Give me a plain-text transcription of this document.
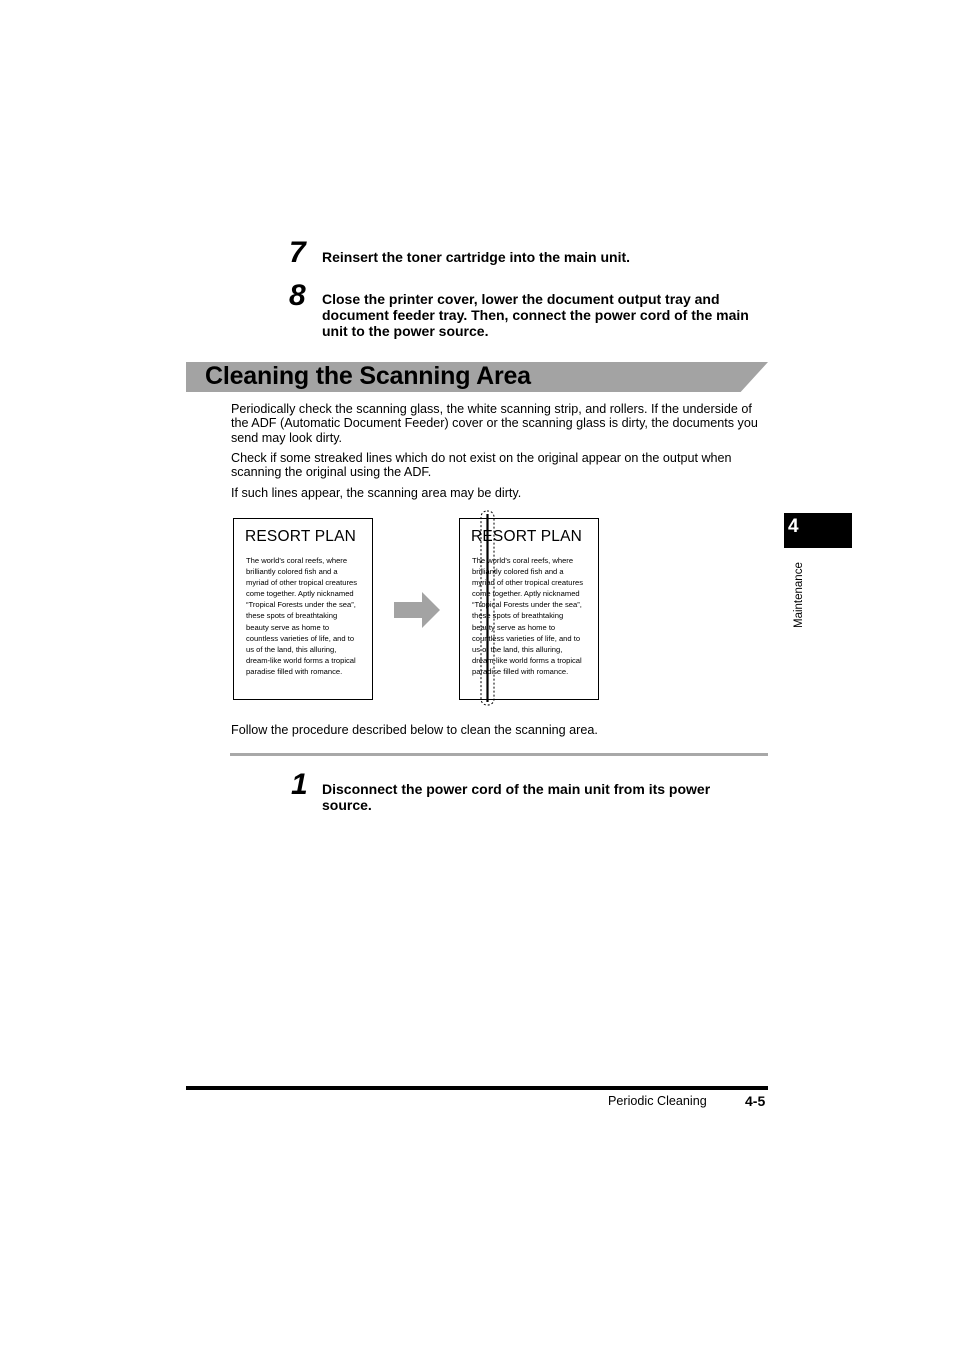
7 Reinsert the toner cartridge into the main unit.
8 Close the printer cover, lower the document output tray and document feeder tray. Then, connect the power cord of the main unit to the power source.
Cleaning the Scanning Area
Periodically check the scanning glass, the white scanning strip, and rollers. If the underside of the ADF (Automatic Document Feeder) cover or the scanning glass is dirty, the documents you send may look dirty.
Check if some streaked lines which do not exist on the original appear on the output when scanning the original using the ADF.
If such lines appear, the scanning area may be dirty.
RESORT PLAN
The world's coral reefs, where
brilliantly colored fish and a
myriad of other tropical creatures
come together. Aptly nicknamed
“Tropical Forests under the sea”,
these spots of breathtaking
beauty serve as home to
countless varieties of life, and to
us of the land, this alluring,
dream-like world forms a tropical
paradise filled with romance.
RESORT PLAN
The world's coral reefs, where
brilliantly colored fish and a
myriad of other tropical creatures
come together. Aptly nicknamed
“Tropical Forests under the sea”,
these spots of breathtaking
beauty serve as home to
countless varieties of life, and to
us of the land, this alluring,
dream-like world forms a tropical
paradise filled with romance.
Follow the procedure described below to clean the scanning area.
1 Disconnect the power cord of the main unit from its power source.
4
Maintenance
Periodic Cleaning	4-5
